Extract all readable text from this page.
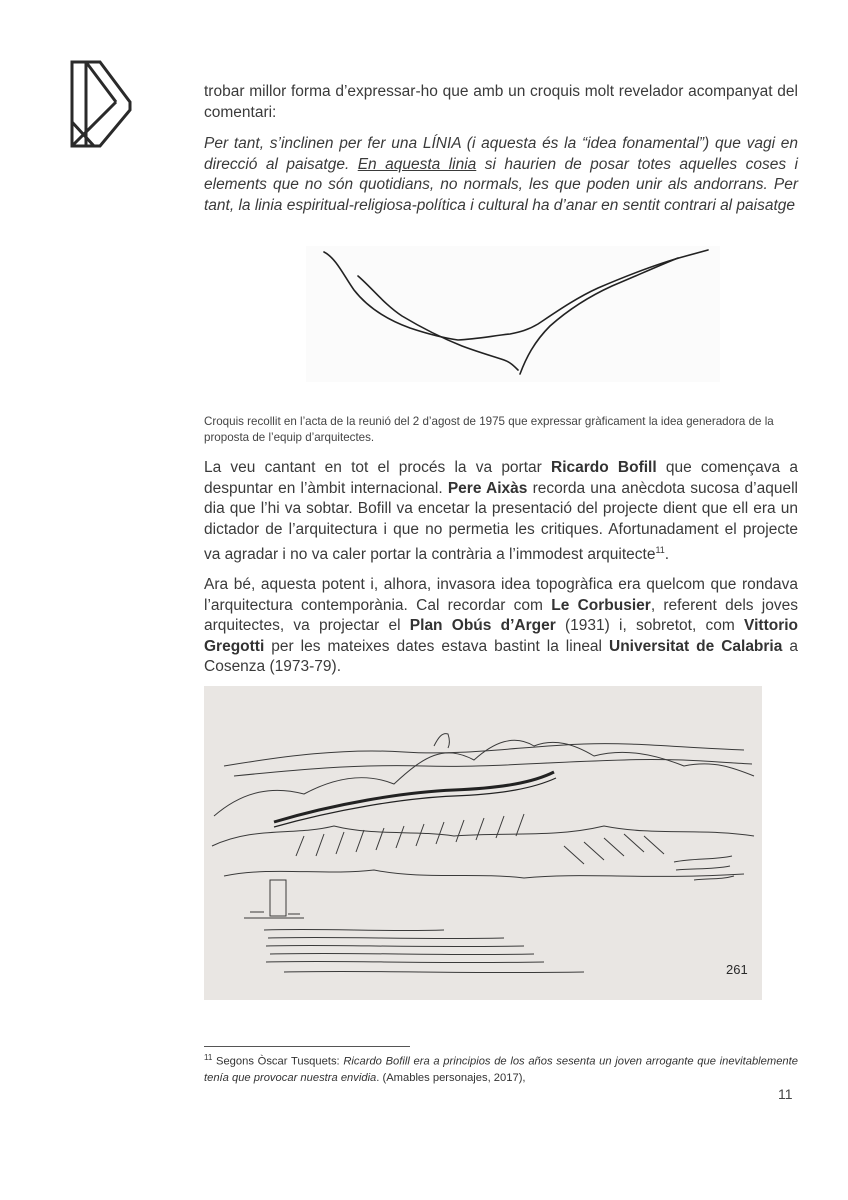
trobar millor forma d’expressar-ho que amb un croquis molt revelador acompanyat del comentari:
Per tant, s’inclinen per fer una LÍNIA (i aquesta és la “idea fonamental”) que vagi en direcció al paisatge. En aquesta linia si haurien de posar totes aquelles coses i elements que no són quotidians, no normals, les que poden unir als andorrans. Per tant, la linia espiritual-religiosa-política i cultural ha d’anar en sentit contrari al paisatge
Croquis recollit en l’acta de la reunió del 2 d’agost de 1975 que expressar gràficament la idea generadora de la proposta de l’equip d’arquitectes.
La veu cantant en tot el procés la va portar Ricardo Bofill que començava a despuntar en l’àmbit internacional. Pere Aixàs recorda una anècdota sucosa d’aquell dia que l’hi va sobtar. Bofill va encetar la presentació del projecte dient que ell era un dictador de l’arquitectura i que no permetia les critiques. Afortunadament el projecte va agradar i no va caler portar la contrària a l’immodest arquitecte$^{11}$.
Ara bé, aquesta potent i, alhora, invasora idea topogràfica era quelcom que rondava l’arquitectura contemporània. Cal recordar com Le Corbusier, referent dels joves arquitectes, va projectar el Plan Obús d’Arger (1931) i, sobretot, com Vittorio Gregotti per les mateixes dates estava bastint la lineal Universitat de Calabria a Cosenza (1973-79).
261
$^{11}$ Segons Òscar Tusquets: Ricardo Bofill era a principios de los años sesenta un joven arrogante que inevitablemente tenía que provocar nuestra envidia. (Amables personajes, 2017),
11
